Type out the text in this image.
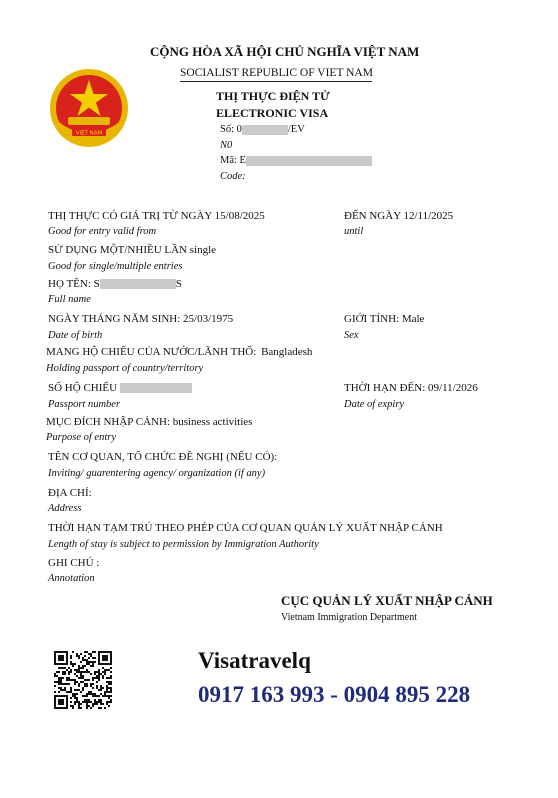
CỘNG HÒA XÃ HỘI CHỦ NGHĨA VIỆT NAM
SOCIALIST REPUBLIC OF VIET NAM
VIỆT NAM
THỊ THỰC ĐIỆN TỬ
ELECTRONIC VISA
Số: 0	/EV
N0
Mã: E
Code:
THỊ THỰC CÓ GIÁ TRỊ TỪ NGÀY 15/08/2025
Good for entry valid from
ĐẾN NGÀY 12/11/2025
until
SỬ DỤNG MỘT/NHIỀU LẦN single
Good for single/multiple entries
HỌ TÊN: S	S
Full name
NGÀY THÁNG NĂM SINH: 25/03/1975
Date of birth
GIỚI TÍNH: Male
Sex
MANG HỘ CHIẾU CỦA NƯỚC/LÃNH THỔ: Bangladesh
Holding passport of country/territory
SỐ HỘ CHIẾU
Passport number
THỜI HẠN ĐẾN: 09/11/2026
Date of expiry
MỤC ĐÍCH NHẬP CẢNH: business activities
Purpose of entry
TÊN CƠ QUAN, TỔ CHỨC ĐỀ NGHỊ (NẾU CÓ):
Inviting/ guarentering agency/ organization (if any)
ĐỊA CHỈ:
Address
THỜI HẠN TẠM TRÚ THEO PHÉP CỦA CƠ QUAN QUẢN LÝ XUẤT NHẬP CẢNH
Length of stay is subject to permission by Immigration Authority
GHI CHÚ :
Annotation
CỤC QUẢN LÝ XUẤT NHẬP CẢNH
Vietnam Immigration Department
Visatravelq
0917 163 993 - 0904 895 228
